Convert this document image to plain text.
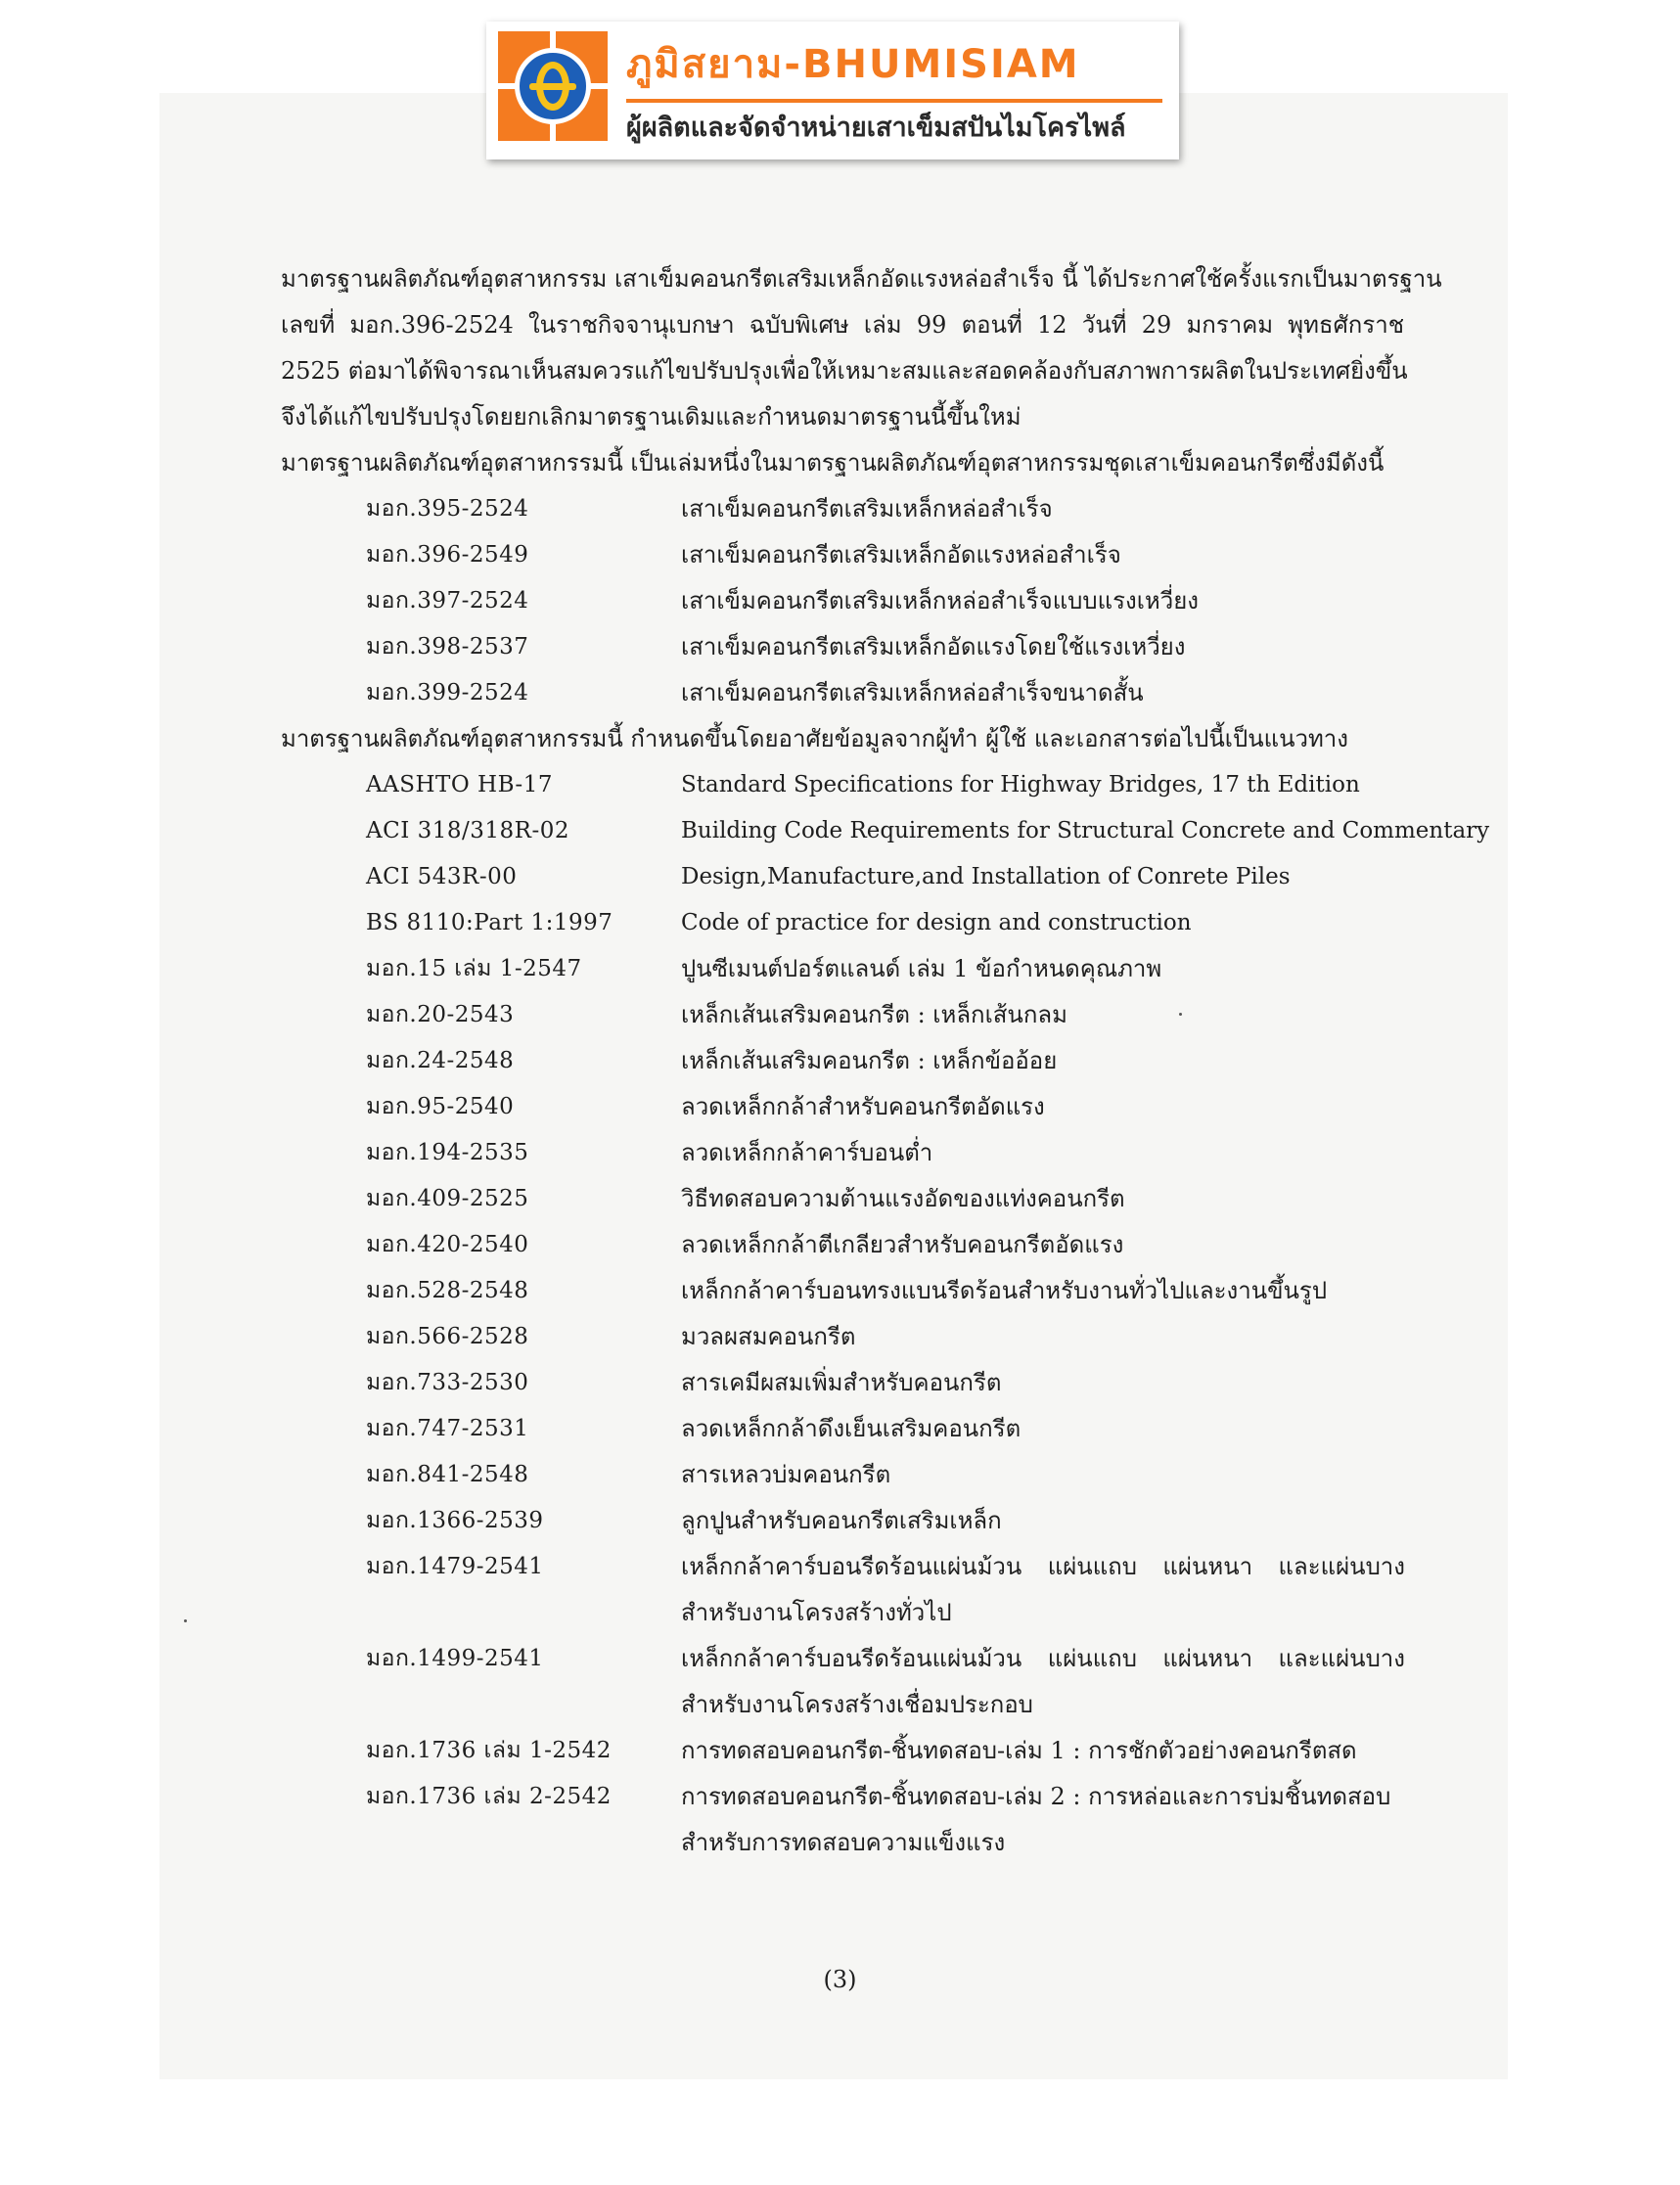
ภูมิสยาม-BHUMISIAM
ผู้ผลิตและจัดจำหน่ายเสาเข็มสปันไมโครไพล์
มาตรฐานผลิตภัณฑ์อุตสาหกรรม เสาเข็มคอนกรีตเสริมเหล็กอัดแรงหล่อสำเร็จ นี้ ได้ประกาศใช้ครั้งแรกเป็นมาตรฐาน
เลขที่ มอก.396-2524 ในราชกิจจานุเบกษา ฉบับพิเศษ เล่ม 99 ตอนที่ 12 วันที่ 29 มกราคม พุทธศักราช
2525 ต่อมาได้พิจารณาเห็นสมควรแก้ไขปรับปรุงเพื่อให้เหมาะสมและสอดคล้องกับสภาพการผลิตในประเทศยิ่งขึ้น
จึงได้แก้ไขปรับปรุงโดยยกเลิกมาตรฐานเดิมและกำหนดมาตรฐานนี้ขึ้นใหม่
มาตรฐานผลิตภัณฑ์อุตสาหกรรมนี้ เป็นเล่มหนึ่งในมาตรฐานผลิตภัณฑ์อุตสาหกรรมชุดเสาเข็มคอนกรีตซึ่งมีดังนี้
มอก.395-2524	เสาเข็มคอนกรีตเสริมเหล็กหล่อสำเร็จ
มอก.396-2549	เสาเข็มคอนกรีตเสริมเหล็กอัดแรงหล่อสำเร็จ
มอก.397-2524	เสาเข็มคอนกรีตเสริมเหล็กหล่อสำเร็จแบบแรงเหวี่ยง
มอก.398-2537	เสาเข็มคอนกรีตเสริมเหล็กอัดแรงโดยใช้แรงเหวี่ยง
มอก.399-2524	เสาเข็มคอนกรีตเสริมเหล็กหล่อสำเร็จขนาดสั้น
มาตรฐานผลิตภัณฑ์อุตสาหกรรมนี้ กำหนดขึ้นโดยอาศัยข้อมูลจากผู้ทำ ผู้ใช้ และเอกสารต่อไปนี้เป็นแนวทาง
AASHTO HB-17	Standard Specifications for Highway Bridges, 17 th Edition
ACI 318/318R-02	Building Code Requirements for Structural Concrete and Commentary
ACI 543R-00	Design,Manufacture,and Installation of Conrete Piles
BS 8110:Part 1:1997	Code of practice for design and construction
มอก.15 เล่ม 1-2547	ปูนซีเมนต์ปอร์ตแลนด์ เล่ม 1 ข้อกำหนดคุณภาพ
มอก.20-2543	เหล็กเส้นเสริมคอนกรีต : เหล็กเส้นกลม
มอก.24-2548	เหล็กเส้นเสริมคอนกรีต : เหล็กข้ออ้อย
มอก.95-2540	ลวดเหล็กกล้าสำหรับคอนกรีตอัดแรง
มอก.194-2535	ลวดเหล็กกล้าคาร์บอนต่ำ
มอก.409-2525	วิธีทดสอบความต้านแรงอัดของแท่งคอนกรีต
มอก.420-2540	ลวดเหล็กกล้าตีเกลียวสำหรับคอนกรีตอัดแรง
มอก.528-2548	เหล็กกล้าคาร์บอนทรงแบนรีดร้อนสำหรับงานทั่วไปและงานขึ้นรูป
มอก.566-2528	มวลผสมคอนกรีต
มอก.733-2530	สารเคมีผสมเพิ่มสำหรับคอนกรีต
มอก.747-2531	ลวดเหล็กกล้าดึงเย็นเสริมคอนกรีต
มอก.841-2548	สารเหลวบ่มคอนกรีต
มอก.1366-2539	ลูกปูนสำหรับคอนกรีตเสริมเหล็ก
มอก.1479-2541	เหล็กกล้าคาร์บอนรีดร้อนแผ่นม้วน แผ่นแถบ แผ่นหนา และแผ่นบาง
สำหรับงานโครงสร้างทั่วไป
มอก.1499-2541	เหล็กกล้าคาร์บอนรีดร้อนแผ่นม้วน แผ่นแถบ แผ่นหนา และแผ่นบาง
สำหรับงานโครงสร้างเชื่อมประกอบ
มอก.1736 เล่ม 1-2542	การทดสอบคอนกรีต-ชิ้นทดสอบ-เล่ม 1 : การชักตัวอย่างคอนกรีตสด
มอก.1736 เล่ม 2-2542	การทดสอบคอนกรีต-ชิ้นทดสอบ-เล่ม 2 : การหล่อและการบ่มชิ้นทดสอบ
สำหรับการทดสอบความแข็งแรง
(3)
